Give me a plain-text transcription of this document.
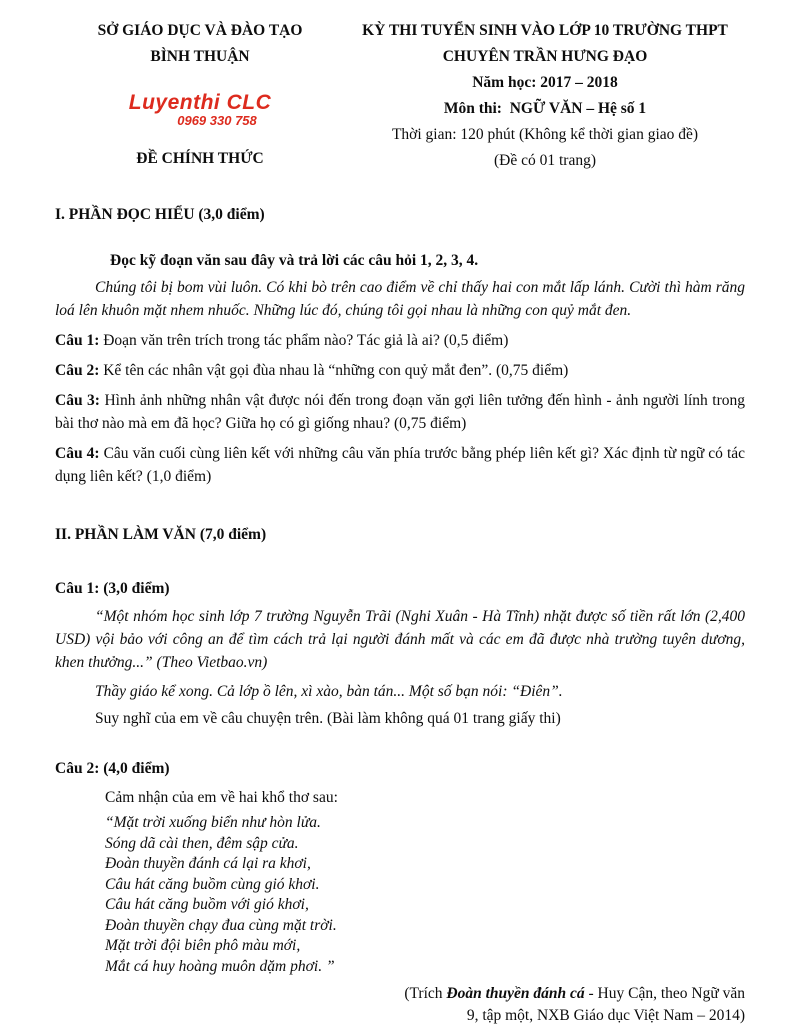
SỞ GIÁO DỤC VÀ ĐÀO TẠO
BÌNH THUẬN
Luyenthi CLC
0969 330 758
ĐỀ CHÍNH THỨC

KỲ THI TUYỂN SINH VÀO LỚP 10 TRƯỜNG THPT

CHUYÊN TRẦN HƯNG ĐẠO

Năm học: 2017 – 2018

Môn thi:  NGỮ VĂN – Hệ số 1

Thời gian: 120 phút (Không kể thời gian giao đề)

(Đề có 01 trang)

I. PHẦN ĐỌC HIỂU (3,0 điểm)

Đọc kỹ đoạn văn sau đây và trả lời các câu hỏi 1, 2, 3, 4.

Chúng tôi bị bom vùi luôn. Có khi bò trên cao điểm về chỉ thấy hai con mắt lấp lánh. Cười thì hàm răng loá lên khuôn mặt nhem nhuốc. Những lúc đó, chúng tôi gọi nhau là những con quỷ mắt đen.

Câu 1: Đoạn văn trên trích trong tác phẩm nào? Tác giả là ai? (0,5 điểm)

Câu 2: Kể tên các nhân vật gọi đùa nhau là “những con quỷ mắt đen”. (0,75 điểm)

Câu 3: Hình ảnh những nhân vật được nói đến trong đoạn văn gợi liên tưởng đến hình - ảnh người lính trong bài thơ nào mà em đã học? Giữa họ có gì giống nhau? (0,75 điểm)

Câu 4: Câu văn cuối cùng liên kết với những câu văn phía trước bằng phép liên kết gì? Xác định từ ngữ có tác dụng liên kết? (1,0 điểm)

II. PHẦN LÀM VĂN (7,0 điểm)

Câu 1: (3,0 điểm)

“Một nhóm học sinh lớp 7 trường Nguyễn Trãi (Nghi Xuân - Hà Tĩnh) nhặt được số tiền rất lớn (2,400 USD) vội bảo với công an để tìm cách trả lại người đánh mất và các em đã được nhà trường tuyên dương, khen thưởng...” (Theo Vietbao.vn)

Thầy giáo kể xong. Cả lớp ồ lên, xì xào, bàn tán... Một số bạn nói: “Điên”.

Suy nghĩ của em về câu chuyện trên. (Bài làm không quá 01 trang giấy thi)

Câu 2: (4,0 điểm)

Cảm nhận của em về hai khổ thơ sau:

“Mặt trời xuống biển như hòn lửa.

Sóng dã cài then, đêm sập cửa.

Đoàn thuyền đánh cá lại ra khơi,

Câu hát căng buồm cùng gió khơi.

Câu hát căng buồm với gió khơi,

Đoàn thuyền chạy đua cùng mặt trời.

Mặt trời đội biên phô màu mới,

Mắt cá huy hoàng muôn dặm phơi. ”

(Trích Đoàn thuyền đánh cá - Huy Cận, theo Ngữ văn

9, tập một, NXB Giáo dục Việt Nam – 2014)
